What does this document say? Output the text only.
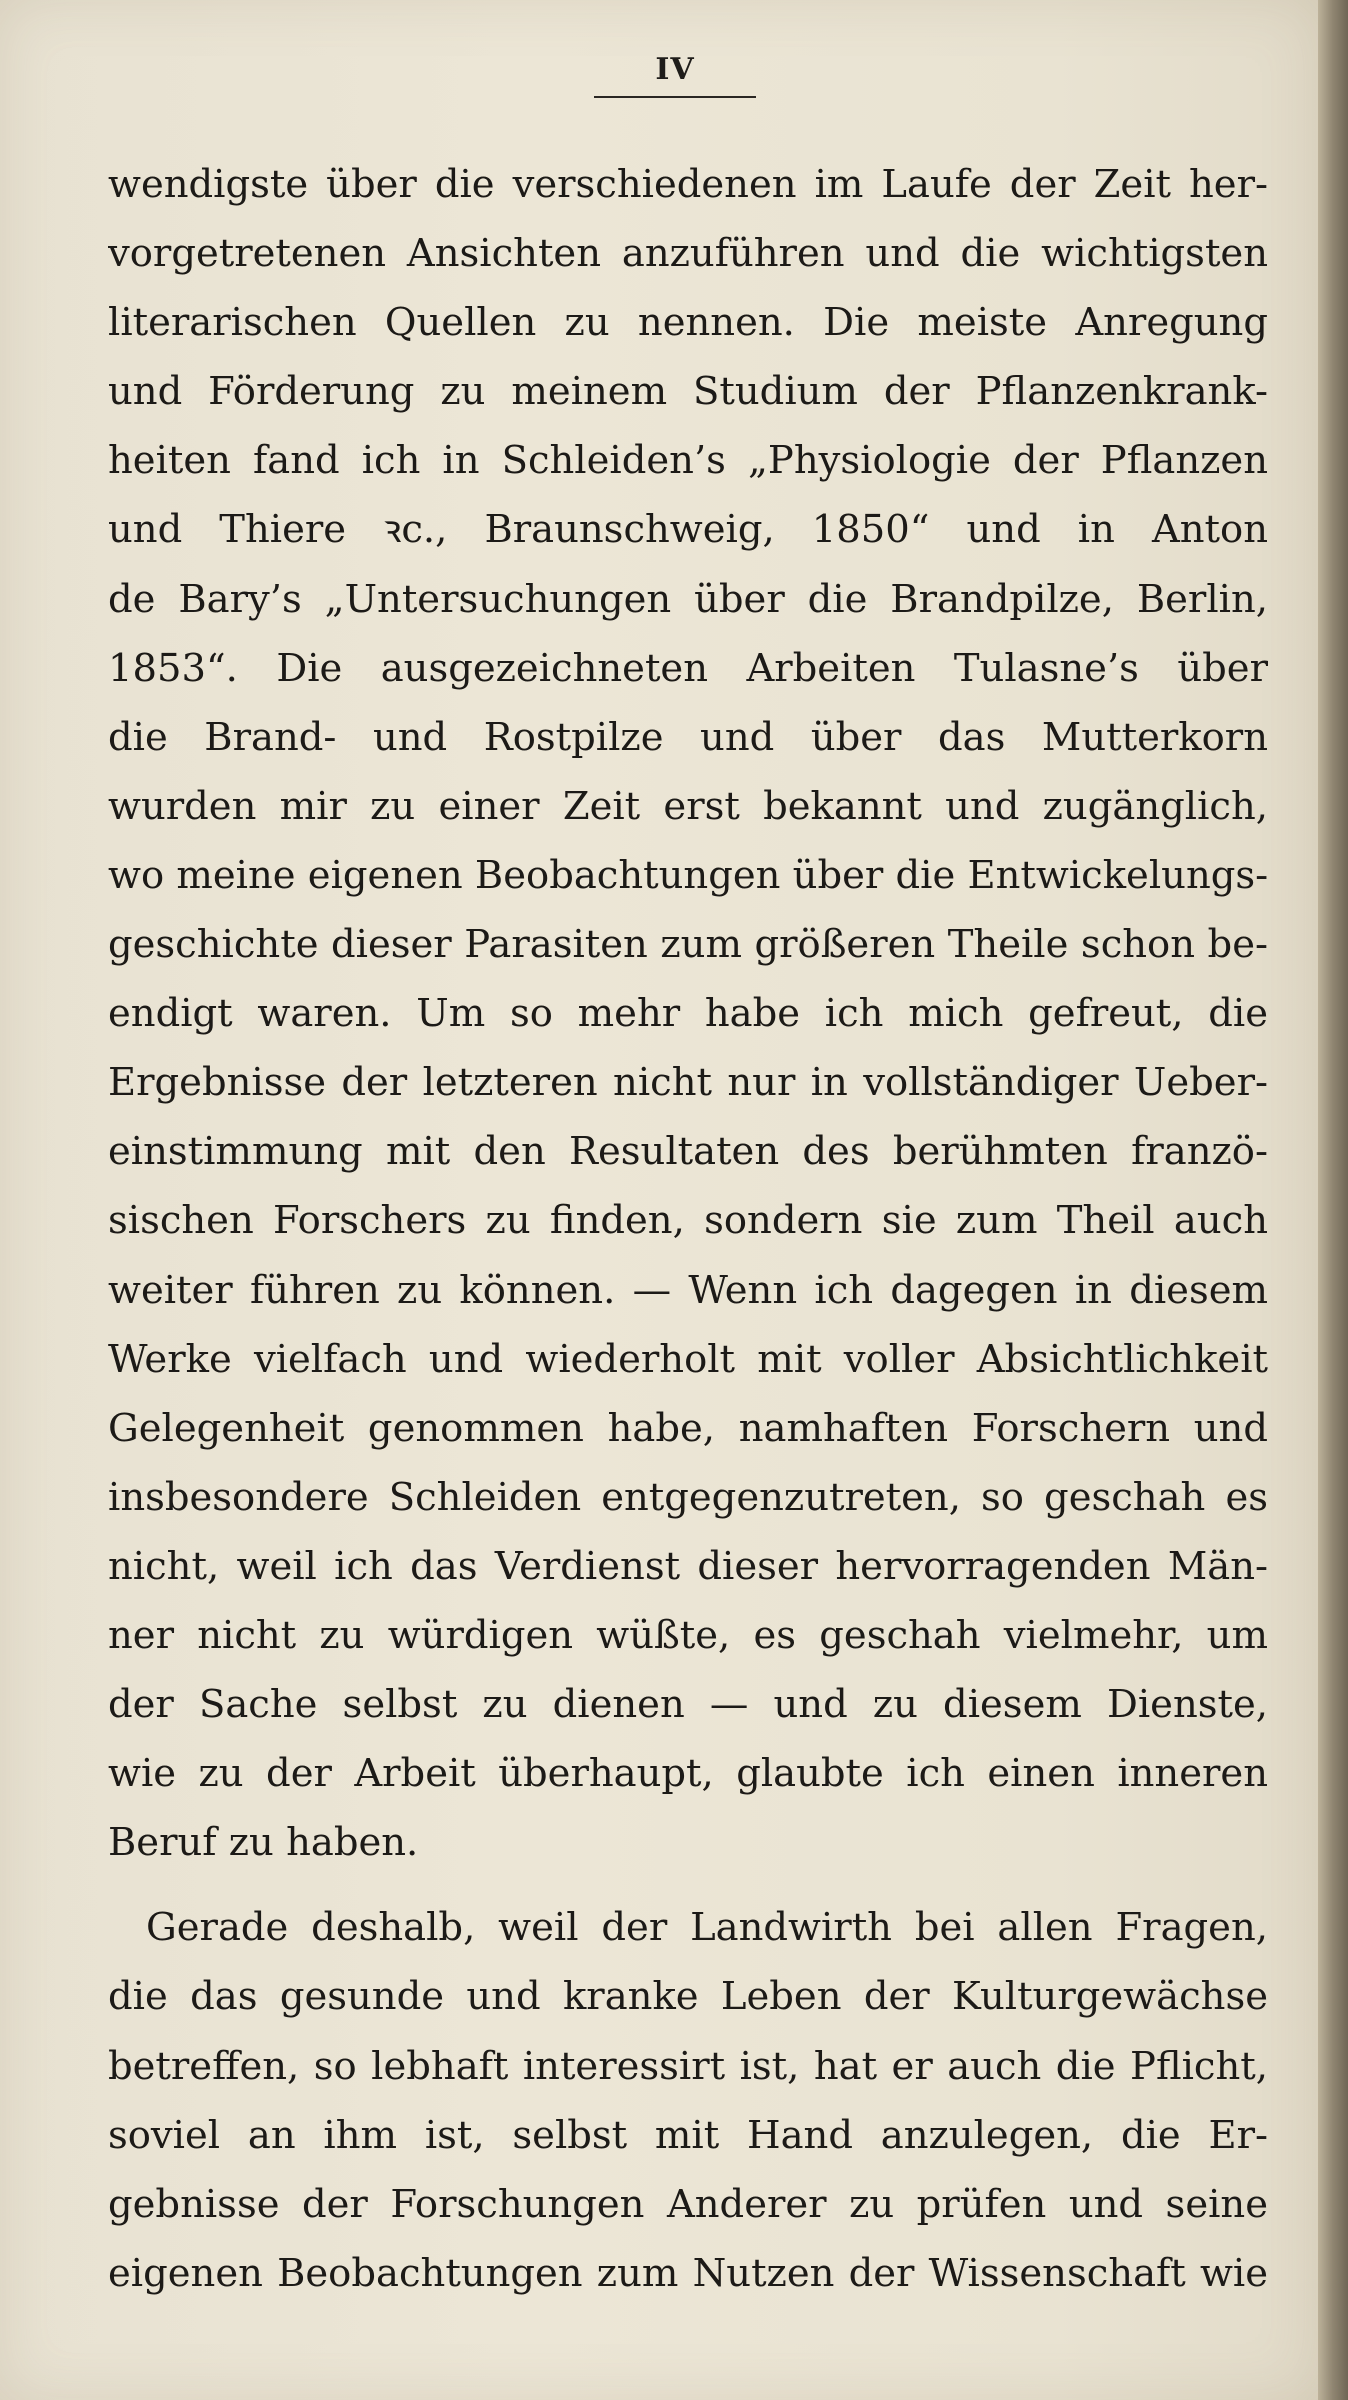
IV
wendigste über die verschiedenen im Laufe der Zeit her-
vorgetretenen Ansichten anzuführen und die wichtigsten
literarischen Quellen zu nennen. Die meiste Anregung
und Förderung zu meinem Studium der Pflanzenkrank-
heiten fand ich in Schleiden’s „Physiologie der Pflanzen
und Thiere ꝛc., Braunschweig, 1850“ und in Anton
de Bary’s „Untersuchungen über die Brandpilze, Berlin,
1853“. Die ausgezeichneten Arbeiten Tulasne’s über
die Brand- und Rostpilze und über das Mutterkorn
wurden mir zu einer Zeit erst bekannt und zugänglich,
wo meine eigenen Beobachtungen über die Entwickelungs-
geschichte dieser Parasiten zum größeren Theile schon be-
endigt waren. Um so mehr habe ich mich gefreut, die
Ergebnisse der letzteren nicht nur in vollständiger Ueber-
einstimmung mit den Resultaten des berühmten franzö-
sischen Forschers zu finden, sondern sie zum Theil auch
weiter führen zu können. — Wenn ich dagegen in diesem
Werke vielfach und wiederholt mit voller Absichtlichkeit
Gelegenheit genommen habe, namhaften Forschern und
insbesondere Schleiden entgegenzutreten, so geschah es
nicht, weil ich das Verdienst dieser hervorragenden Män-
ner nicht zu würdigen wüßte, es geschah vielmehr, um
der Sache selbst zu dienen — und zu diesem Dienste,
wie zu der Arbeit überhaupt, glaubte ich einen inneren
Beruf zu haben.
Gerade deshalb, weil der Landwirth bei allen Fragen,
die das gesunde und kranke Leben der Kulturgewächse
betreffen, so lebhaft interessirt ist, hat er auch die Pflicht,
soviel an ihm ist, selbst mit Hand anzulegen, die Er-
gebnisse der Forschungen Anderer zu prüfen und seine
eigenen Beobachtungen zum Nutzen der Wissenschaft wie
